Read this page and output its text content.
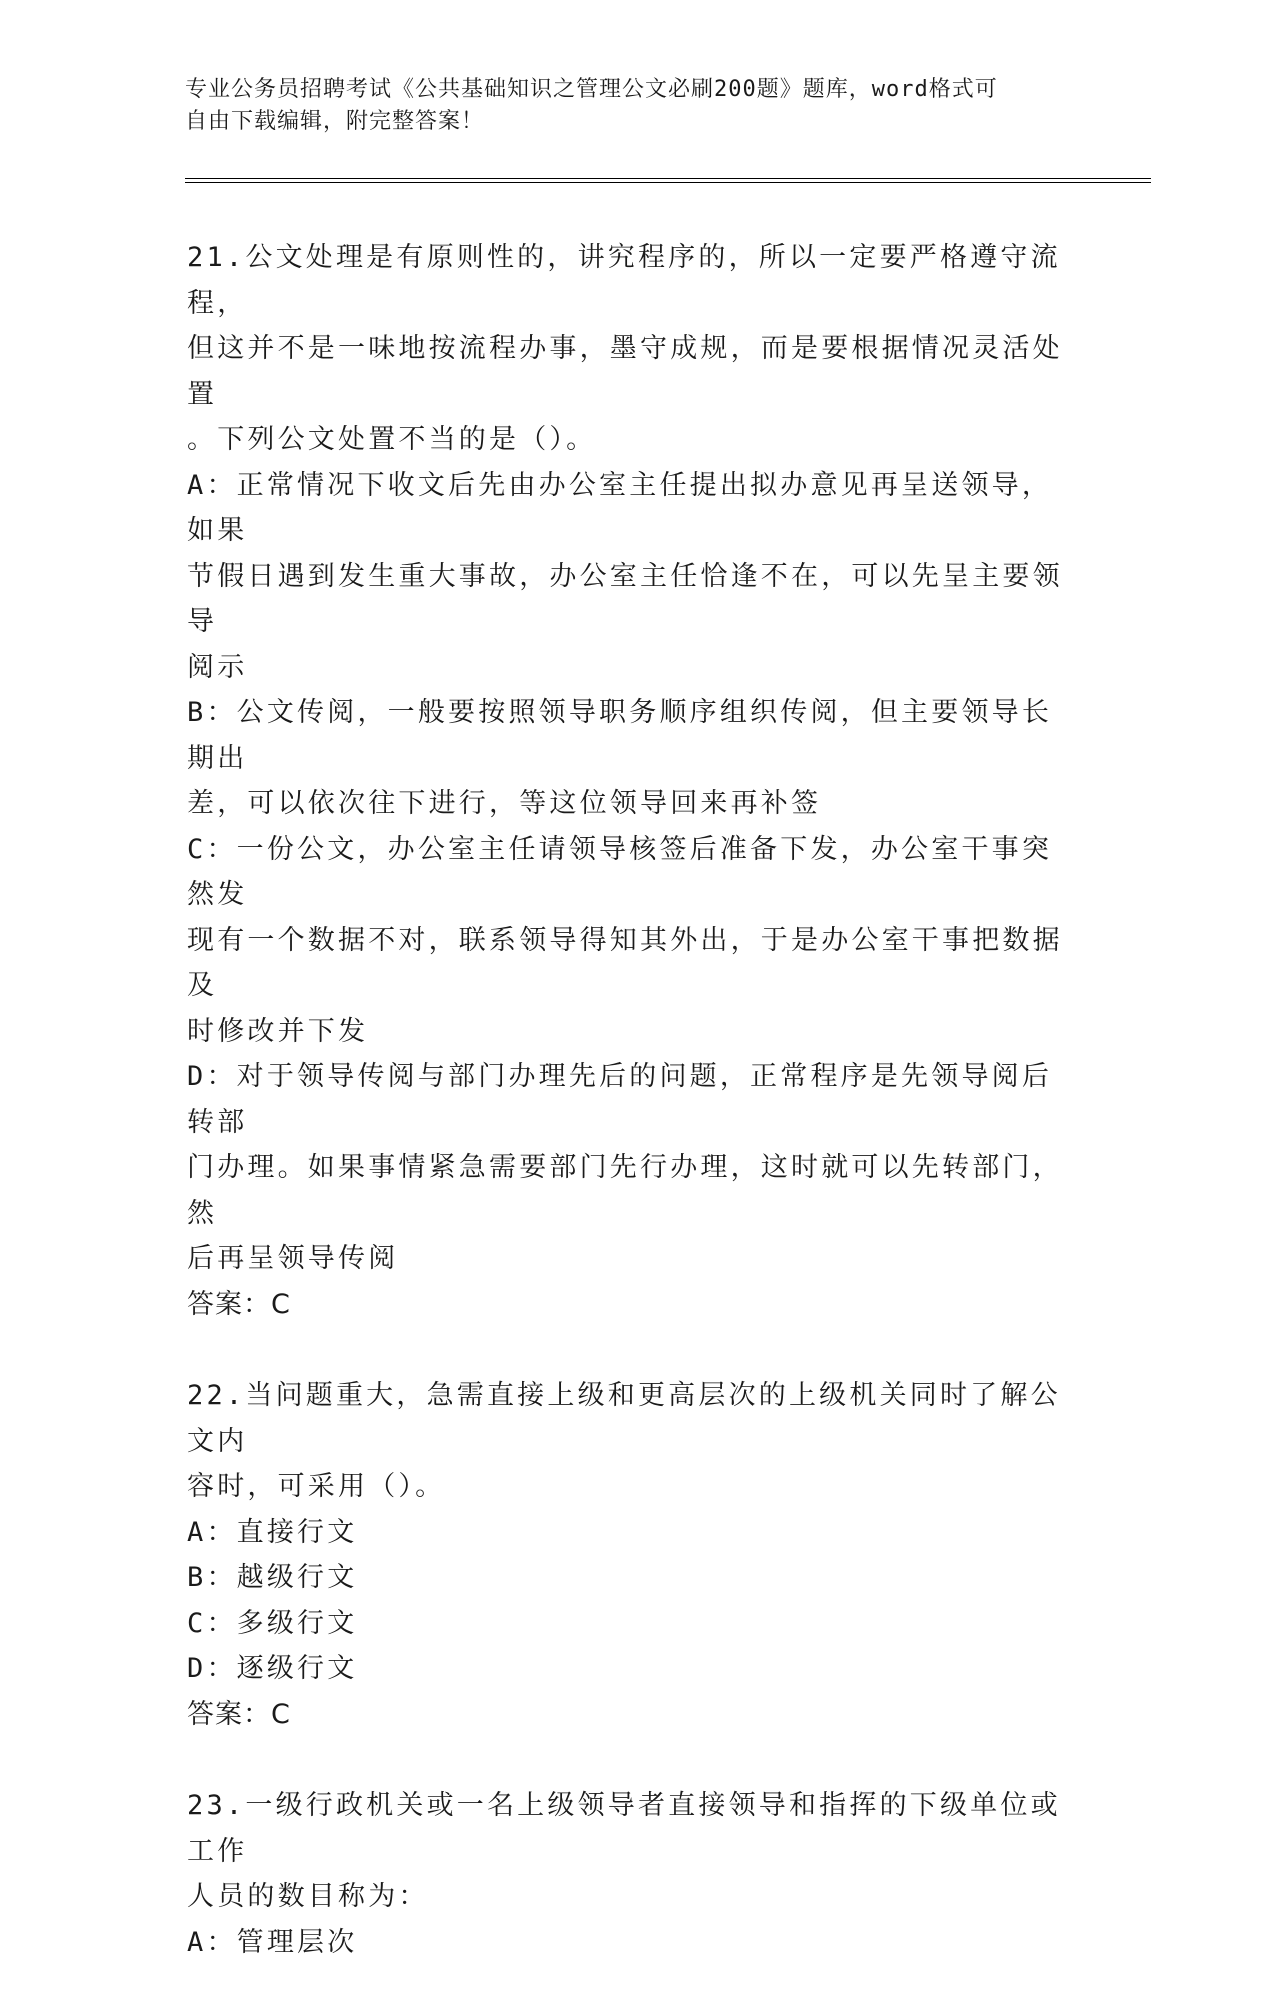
专业公务员招聘考试《公共基础知识之管理公文必刷200题》题库，word格式可
自由下载编辑，附完整答案！
21.公文处理是有原则性的，讲究程序的，所以一定要严格遵守流程，
但这并不是一味地按流程办事，墨守成规，而是要根据情况灵活处置
。下列公文处置不当的是（）。
A：正常情况下收文后先由办公室主任提出拟办意见再呈送领导，如果
节假日遇到发生重大事故，办公室主任恰逢不在，可以先呈主要领导
阅示
B：公文传阅，一般要按照领导职务顺序组织传阅，但主要领导长期出
差，可以依次往下进行，等这位领导回来再补签
C：一份公文，办公室主任请领导核签后准备下发，办公室干事突然发
现有一个数据不对，联系领导得知其外出，于是办公室干事把数据及
时修改并下发
D：对于领导传阅与部门办理先后的问题，正常程序是先领导阅后转部
门办理。如果事情紧急需要部门先行办理，这时就可以先转部门，然
后再呈领导传阅
答案：C
22.当问题重大，急需直接上级和更高层次的上级机关同时了解公文内
容时，可采用（）。
A：直接行文
B：越级行文
C：多级行文
D：逐级行文
答案：C
23.一级行政机关或一名上级领导者直接领导和指挥的下级单位或工作
人员的数目称为：
A：管理层次
